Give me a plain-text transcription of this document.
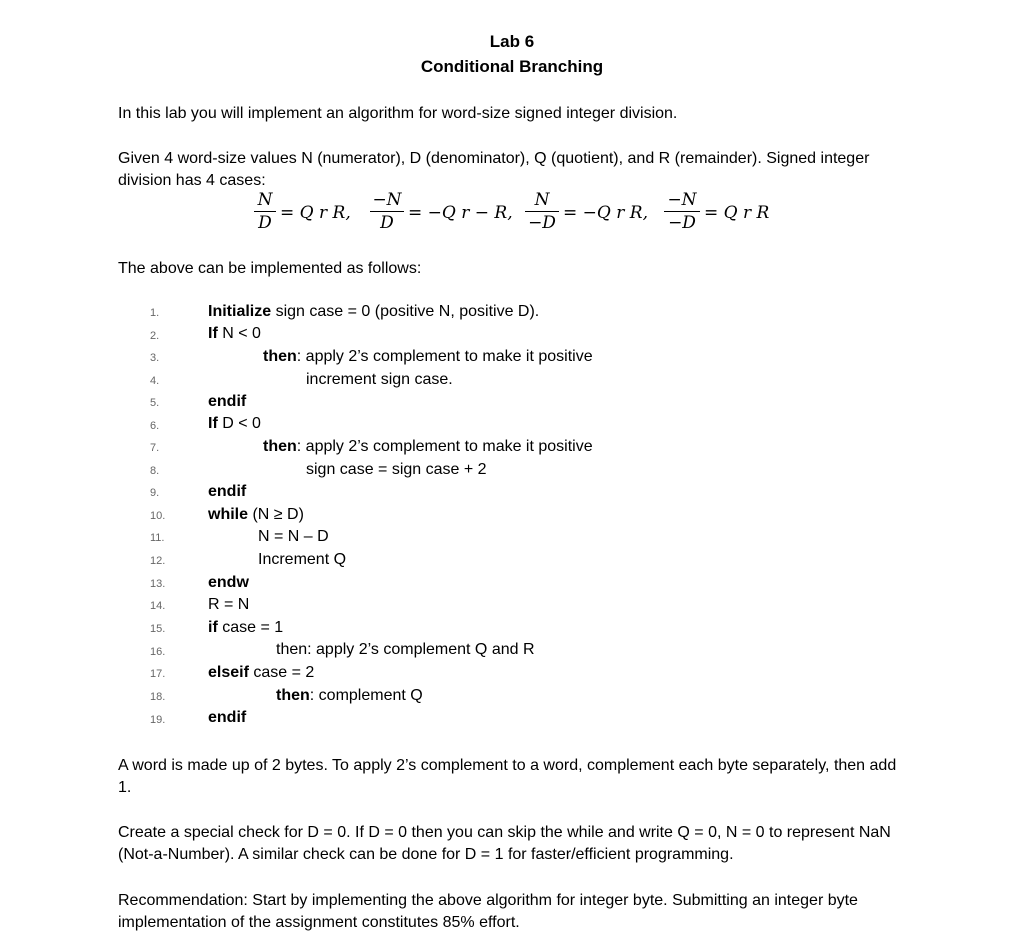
Lab 6
Conditional Branching
In this lab you will implement an algorithm for word-size signed integer division.
Given 4 word-size values N (numerator), D (denominator), Q (quotient), and R (remainder). Signed integer division has 4 cases:
N
D = Q r R,
−N
D = −Q r − R,
N
−D = −Q r R,
−N
−D = Q r R
The above can be implemented as follows:
1.	Initialize sign case = 0 (positive N, positive D).
2.	If N < 0
3.	then: apply 2’s complement to make it positive
4.	increment sign case.
5.	endif
6.	If D < 0
7.	then: apply 2’s complement to make it positive
8.	sign case = sign case + 2
9.	endif
10.	while (N ≥ D)
11.	N = N – D
12.	Increment Q
13.	endw
14.	R = N
15.	if case = 1
16.	then: apply 2’s complement Q and R
17.	elseif case = 2
18.	then: complement Q
19.	endif
A word is made up of 2 bytes. To apply 2’s complement to a word, complement each byte separately, then add 1.
Create a special check for D = 0. If D = 0 then you can skip the while and write Q = 0, N = 0 to represent NaN (Not-a-Number). A similar check can be done for D = 1 for faster/efficient programming.
Recommendation: Start by implementing the above algorithm for integer byte. Submitting an integer byte implementation of the assignment constitutes 85% effort.
